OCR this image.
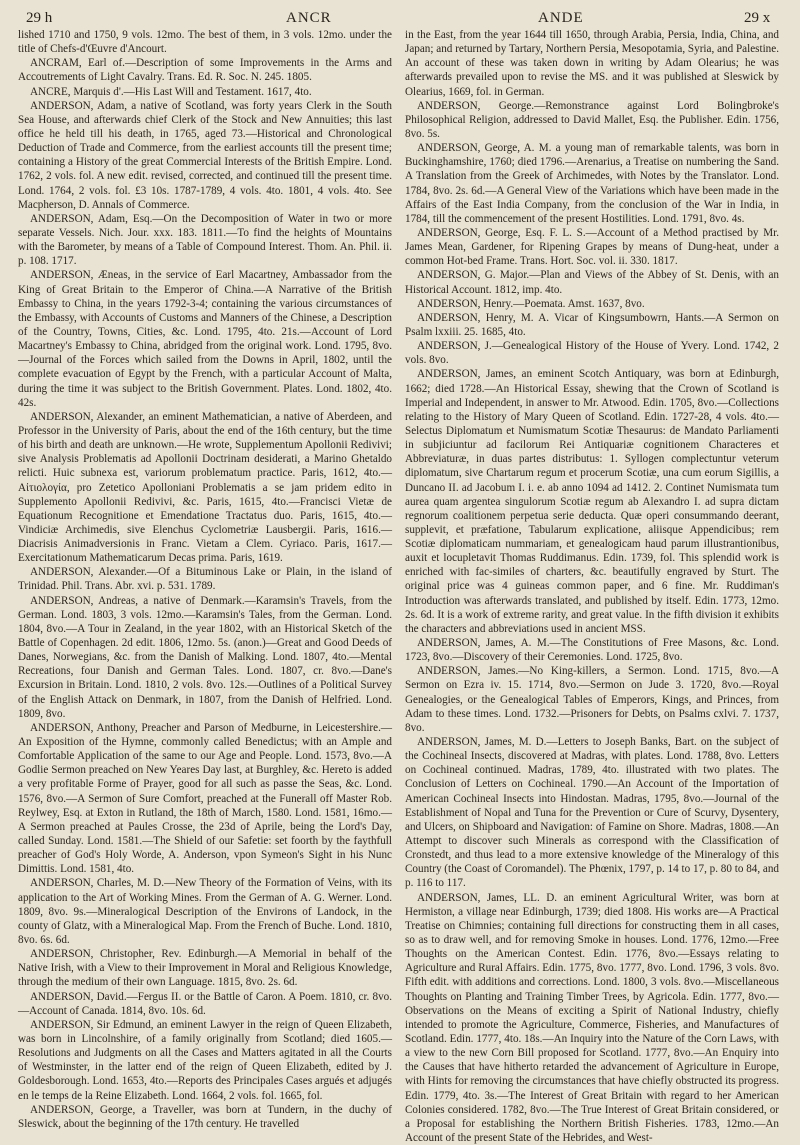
29 h	ANCR	ANDE	29 x

lished 1710 and 1750, 9 vols. 12mo. The best of them, in 3 vols. 12mo. under the title of Chefs-d'Œuvre d'Ancourt.

ANCRAM, Earl of.—Description of some Improvements in the Arms and Accoutrements of Light Cavalry. Trans. Ed. R. Soc. N. 245. 1805.

ANCRE, Marquis d'.—His Last Will and Testament. 1617, 4to.

ANDERSON, Adam, a native of Scotland, was forty years Clerk in the South Sea House, and afterwards chief Clerk of the Stock and New Annuities; this last office he held till his death, in 1765, aged 73.—Historical and Chronological Deduction of Trade and Commerce, from the earliest accounts till the present time; containing a History of the great Commercial Interests of the British Empire. Lond. 1762, 2 vols. fol. A new edit. revised, corrected, and continued till the present time. Lond. 1764, 2 vols. fol. £3 10s. 1787-1789, 4 vols. 4to. 1801, 4 vols. 4to. See Macpherson, D. Annals of Commerce.

ANDERSON, Adam, Esq.—On the Decomposition of Water in two or more separate Vessels. Nich. Jour. xxx. 183. 1811.—To find the heights of Mountains with the Barometer, by means of a Table of Compound Interest. Thom. An. Phil. ii. p. 108. 1717.

ANDERSON, Æneas, in the service of Earl Macartney, Ambassador from the King of Great Britain to the Emperor of China.—A Narrative of the British Embassy to China, in the years 1792-3-4; containing the various circumstances of the Embassy, with Accounts of Customs and Manners of the Chinese, a Description of the Country, Towns, Cities, &c. Lond. 1795, 4to. 21s.—Account of Lord Macartney's Embassy to China, abridged from the original work. Lond. 1795, 8vo.—Journal of the Forces which sailed from the Downs in April, 1802, until the complete evacuation of Egypt by the French, with a particular Account of Malta, during the time it was subject to the British Government. Plates. Lond. 1802, 4to. 42s.

ANDERSON, Alexander, an eminent Mathematician, a native of Aberdeen, and Professor in the University of Paris, about the end of the 16th century, but the time of his birth and death are unknown.—He wrote, Supplementum Apollonii Redivivi; sive Analysis Problematis ad Apollonii Doctrinam desiderati, a Marino Ghetaldo relicti. Huic subnexa est, variorum problematum practice. Paris, 1612, 4to.—Αἰτιολογία, pro Zetetico Apolloniani Problematis a se jam pridem edito in Supplemento Apollonii Redivivi, &c. Paris, 1615, 4to.—Francisci Vietæ de Equationum Recognitione et Emendatione Tractatus duo. Paris, 1615, 4to.—Vindiciæ Archimedis, sive Elenchus Cyclometriæ Lausbergii. Paris, 1616.—Diacrisis Animadversionis in Franc. Vietam a Clem. Cyriaco. Paris, 1617.—Exercitationum Mathematicarum Decas prima. Paris, 1619.

ANDERSON, Alexander.—Of a Bituminous Lake or Plain, in the island of Trinidad. Phil. Trans. Abr. xvi. p. 531. 1789.

ANDERSON, Andreas, a native of Denmark.—Karamsin's Travels, from the German. Lond. 1803, 3 vols. 12mo.—Karamsin's Tales, from the German. Lond. 1804, 8vo.—A Tour in Zealand, in the year 1802, with an Historical Sketch of the Battle of Copenhagen. 2d edit. 1806, 12mo. 5s. (anon.)—Great and Good Deeds of Danes, Norwegians, &c. from the Danish of Malking. Lond. 1807, 4to.—Mental Recreations, four Danish and German Tales. Lond. 1807, cr. 8vo.—Dane's Excursion in Britain. Lond. 1810, 2 vols. 8vo. 12s.—Outlines of a Political Survey of the English Attack on Denmark, in 1807, from the Danish of Helfried. Lond. 1809, 8vo.

ANDERSON, Anthony, Preacher and Parson of Medburne, in Leicestershire.—An Exposition of the Hymne, commonly called Benedictus; with an Ample and Comfortable Application of the same to our Age and People. Lond. 1573, 8vo.—A Godlie Sermon preached on New Yeares Day last, at Burghley, &c. Hereto is added a very profitable Forme of Prayer, good for all such as passe the Seas, &c. Lond. 1576, 8vo.—A Sermon of Sure Comfort, preached at the Funerall off Master Rob. Reylwey, Esq. at Exton in Rutland, the 18th of March, 1580. Lond. 1581, 16mo.—A Sermon preached at Paules Crosse, the 23d of Aprile, being the Lord's Day, called Sunday. Lond. 1581.—The Shield of our Safetie: set foorth by the faythfull preacher of God's Holy Worde, A. Anderson, vpon Symeon's Sight in his Nunc Dimittis. Lond. 1581, 4to.

ANDERSON, Charles, M. D.—New Theory of the Formation of Veins, with its application to the Art of Working Mines. From the German of A. G. Werner. Lond. 1809, 8vo. 9s.—Mineralogical Description of the Environs of Landock, in the county of Glatz, with a Mineralogical Map. From the French of Buche. Lond. 1810, 8vo. 6s. 6d.

ANDERSON, Christopher, Rev. Edinburgh.—A Memorial in behalf of the Native Irish, with a View to their Improvement in Moral and Religious Knowledge, through the medium of their own Language. 1815, 8vo. 2s. 6d.

ANDERSON, David.—Fergus II. or the Battle of Caron. A Poem. 1810, cr. 8vo.—Account of Canada. 1814, 8vo. 10s. 6d.

ANDERSON, Sir Edmund, an eminent Lawyer in the reign of Queen Elizabeth, was born in Lincolnshire, of a family originally from Scotland; died 1605.—Resolutions and Judgments on all the Cases and Matters agitated in all the Courts of Westminster, in the latter end of the reign of Queen Elizabeth, edited by J. Goldesborough. Lond. 1653, 4to.—Reports des Principales Cases argués et adjugés en le temps de la Reine Elizabeth. Lond. 1664, 2 vols. fol. 1665, fol.

ANDERSON, George, a Traveller, was born at Tundern, in the duchy of Sleswick, about the beginning of the 17th century. He travelled

in the East, from the year 1644 till 1650, through Arabia, Persia, India, China, and Japan; and returned by Tartary, Northern Persia, Mesopotamia, Syria, and Palestine. An account of these was taken down in writing by Adam Olearius; he was afterwards prevailed upon to revise the MS. and it was published at Sleswick by Olearius, 1669, fol. in German.

ANDERSON, George.—Remonstrance against Lord Bolingbroke's Philosophical Religion, addressed to David Mallet, Esq. the Publisher. Edin. 1756, 8vo. 5s.

ANDERSON, George, A. M. a young man of remarkable talents, was born in Buckinghamshire, 1760; died 1796.—Arenarius, a Treatise on numbering the Sand. A Translation from the Greek of Archimedes, with Notes by the Translator. Lond. 1784, 8vo. 2s. 6d.—A General View of the Variations which have been made in the Affairs of the East India Company, from the conclusion of the War in India, in 1784, till the commencement of the present Hostilities. Lond. 1791, 8vo. 4s.

ANDERSON, George, Esq. F. L. S.—Account of a Method practised by Mr. James Mean, Gardener, for Ripening Grapes by means of Dung-heat, under a common Hot-bed Frame. Trans. Hort. Soc. vol. ii. 330. 1817.

ANDERSON, G. Major.—Plan and Views of the Abbey of St. Denis, with an Historical Account. 1812, imp. 4to.

ANDERSON, Henry.—Poemata. Amst. 1637, 8vo.

ANDERSON, Henry, M. A. Vicar of Kingsumbowrn, Hants.—A Sermon on Psalm lxxiii. 25. 1685, 4to.

ANDERSON, J.—Genealogical History of the House of Yvery. Lond. 1742, 2 vols. 8vo.

ANDERSON, James, an eminent Scotch Antiquary, was born at Edinburgh, 1662; died 1728.—An Historical Essay, shewing that the Crown of Scotland is Imperial and Independent, in answer to Mr. Atwood. Edin. 1705, 8vo.—Collections relating to the History of Mary Queen of Scotland. Edin. 1727-28, 4 vols. 4to.—Selectus Diplomatum et Numismatum Scotiæ Thesaurus: de Mandato Parliamenti in subjiciuntur ad facilorum Rei Antiquariæ cognitionem Characteres et Abbreviaturæ, in duas partes distributus: 1. Syllogen complectuntur veterum diplomatum, sive Chartarum regum et procerum Scotiæ, una cum eorum Sigillis, a Duncano II. ad Jacobum I. i. e. ab anno 1094 ad 1412. 2. Continet Numismata tum aurea quam argentea singulorum Scotiæ regum ab Alexandro I. ad supra dictam regnorum coalitionem perpetua serie deducta. Quæ operi consummando deerant, supplevit, et præfatione, Tabularum explicatione, aliisque Appendicibus; rem Scotiæ diplomaticam nummariam, et genealogicam haud parum illustrantionibus, auxit et locupletavit Thomas Ruddimanus. Edin. 1739, fol. This splendid work is enriched with fac-similes of charters, &c. beautifully engraved by Sturt. The original price was 4 guineas common paper, and 6 fine. Mr. Ruddiman's Introduction was afterwards translated, and published by itself. Edin. 1773, 12mo. 2s. 6d. It is a work of extreme rarity, and great value. In the fifth division it exhibits the characters and abbreviations used in ancient MSS.

ANDERSON, James, A. M.—The Constitutions of Free Masons, &c. Lond. 1723, 8vo.—Discovery of their Ceremonies. Lond. 1725, 8vo.

ANDERSON, James.—No King-killers, a Sermon. Lond. 1715, 8vo.—A Sermon on Ezra iv. 15. 1714, 8vo.—Sermon on Jude 3. 1720, 8vo.—Royal Genealogies, or the Genealogical Tables of Emperors, Kings, and Princes, from Adam to these times. Lond. 1732.—Prisoners for Debts, on Psalms cxlvi. 7. 1737, 8vo.

ANDERSON, James, M. D.—Letters to Joseph Banks, Bart. on the subject of the Cochineal Insects, discovered at Madras, with plates. Lond. 1788, 8vo. Letters on Cochineal continued. Madras, 1789, 4to. illustrated with two plates. The Conclusion of Letters on Cochineal. 1790.—An Account of the Importation of American Cochineal Insects into Hindostan. Madras, 1795, 8vo.—Journal of the Establishment of Nopal and Tuna for the Prevention or Cure of Scurvy, Dysentery, and Ulcers, on Shipboard and Navigation: of Famine on Shore. Madras, 1808.—An Attempt to discover such Minerals as correspond with the Classification of Cronstedt, and thus lead to a more extensive knowledge of the Mineralogy of this Country (the Coast of Coromandel). The Phœnix, 1797, p. 14 to 17, p. 80 to 84, and p. 116 to 117.

ANDERSON, James, LL. D. an eminent Agricultural Writer, was born at Hermiston, a village near Edinburgh, 1739; died 1808. His works are—A Practical Treatise on Chimnies; containing full directions for constructing them in all cases, so as to draw well, and for removing Smoke in houses. Lond. 1776, 12mo.—Free Thoughts on the American Contest. Edin. 1776, 8vo.—Essays relating to Agriculture and Rural Affairs. Edin. 1775, 8vo. 1777, 8vo. Lond. 1796, 3 vols. 8vo. Fifth edit. with additions and corrections. Lond. 1800, 3 vols. 8vo.—Miscellaneous Thoughts on Planting and Training Timber Trees, by Agricola. Edin. 1777, 8vo.—Observations on the Means of exciting a Spirit of National Industry, chiefly intended to promote the Agriculture, Commerce, Fisheries, and Manufactures of Scotland. Edin. 1777, 4to. 18s.—An Inquiry into the Nature of the Corn Laws, with a view to the new Corn Bill proposed for Scotland. 1777, 8vo.—An Enquiry into the Causes that have hitherto retarded the advancement of Agriculture in Europe, with Hints for removing the circumstances that have chiefly obstructed its progress. Edin. 1779, 4to. 3s.—The Interest of Great Britain with regard to her American Colonies considered. 1782, 8vo.—The True Interest of Great Britain considered, or a Proposal for establishing the Northern British Fisheries. 1783, 12mo.—An Account of the present State of the Hebrides, and West-
